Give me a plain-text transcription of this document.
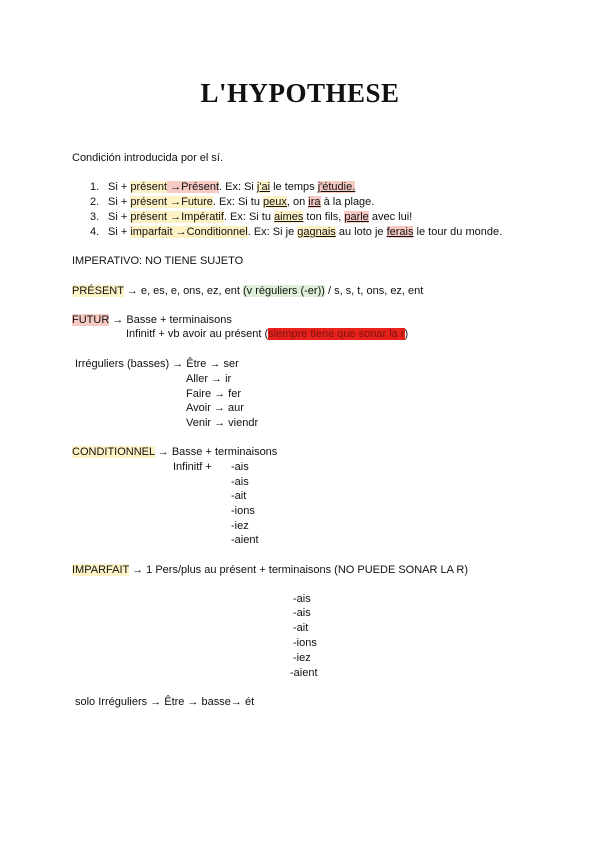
L'HYPOTHESE
Condición introducida por el sí.
1. Si + présent →Présent. Ex: Si j'ai le temps j'étudie.
2. Si + présent →Future. Ex: Si tu peux, on ira à la plage.
3. Si + présent →Impératif. Ex: Si tu aimes ton fils, parle avec lui!
4. Si + imparfait →Conditionnel. Ex: Si je gagnais au loto je ferais le tour du monde.
IMPERATIVO: NO TIENE SUJETO
PRÉSENT → e, es, e, ons, ez, ent (v réguliers (-er)) / s, s, t, ons, ez, ent
FUTUR → Basse + terminaisons
Infinitf + vb avoir au présent (siempre tiene que sonar la r)
Irréguliers (basses) → Être → ser
Aller → ir
Faire → fer
Avoir → aur
Venir → viendr
CONDITIONNEL → Basse + terminaisons
Infinitf + -ais
-ais
-ait
-ions
-iez
-aient
IMPARFAIT → 1 Pers/plus au présent + terminaisons (NO PUEDE SONAR LA R)
-ais
-ais
-ait
-ions
-iez
-aient
solo Irréguliers → Être → basse→ ét
